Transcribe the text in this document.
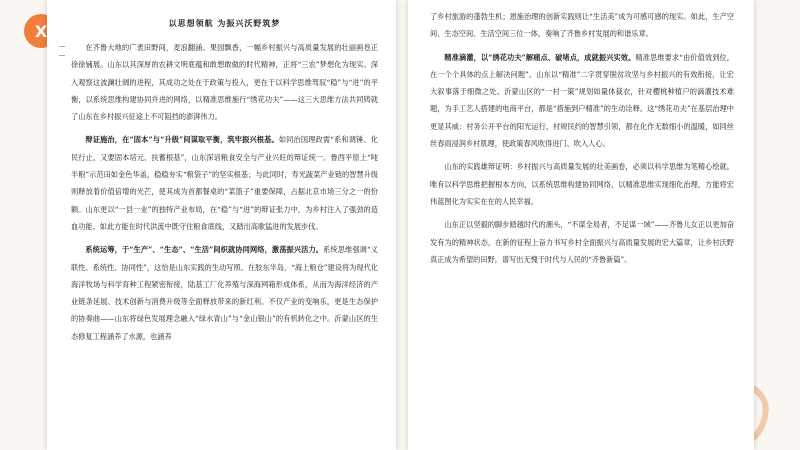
X	以思想领航 为振兴沃野筑梦

在齐鲁大地的广袤田野间，麦浪翻涌、果园飘香，一幅乡村振兴与高质量发展的壮丽画卷正徐徐铺展。山东以其深厚的农耕文明底蕴和敢想敢做的时代精神，正将“三农”梦想化为现实。深入观察这波澜壮阔的进程，其成功之处在于政策与投入，更在于以科学思维驾驭“稳”与“进”的平衡，以系统思维构建协同并进的网络，以精准思维施行“绣花功夫”——这三大思维方法共同铸就了山东在乡村振兴征途上不可阻挡的澎湃伟力。

辩证施治，在“固本”与“升级”间谋取平衡，筑牢振兴根基。如同治国理政需“系和调锤、化民行止，又要固本培元、扶蓄根基”，山东深谙粮食安全与产业兴旺的辩证统一。鲁西平原上“吨半粮”示范田如金色华盖，稳稳夯实“粮袋子”的坚实根基；与此同时，寿光蔬菜产业链的智慧升级则释放着价值倍增的光芒，使其成为首都餐桌的“菜篮子”重要保障，占据北京市场三分之一的份额。山东更以“一县一业”的独特产业布局，在“稳”与“进”的辩证张力中，为乡村注入了强劲的造血功能。如此方能在时代洪流中既守住粮食底线，又踏出高歌猛进的发展步伐。

系统运筹，于“生产”、“生态”、“生活”间织就协同网络，激荡振兴活力。系统思维强调“义联性、系统性、协同性”，这恰是山东实践的生动写照。在胶东半岛，“海上粮仓”建设将为现代化海洋牧场与科学育种工程紧密衔接，陆基工厂化养殖与深海网箱形成体系，从而为海洋经济的产业链条延展、技术创新与消费升级等全面释放带来的新红利。不仅产业的变响乐，更是生态保护的协奏曲——山东将绿色发展理念融入“绿水青山”与“金山银山”的有机转化之中。沂蒙山区的生态修复工程涵养了水源，也涵养

了乡村旅游的蓬勃生机；恩施治理的创新实践则让“生活美”成为可感可感的现实。如此，生产空间、生态空间、生活空间三位一体，奏响了齐鲁乡村发展的和谐乐章。

精准滴灌，以“绣花功夫”解痛点、破堵点，成就振兴实效。精准思维要求“由价值效到位，在一个个具体的点上解决问题”。山东以“精准”二字贯穿脱贫攻坚与乡村振兴的有效衔接，让宏大叙事落于细微之处。沂蒙山区的“一村一策”规划如量体裁衣，针对樱桃种植户的滴灌技术难题，为手工艺人搭建的电商平台，都是“措施到户精准”的生动诠释。这“绣花功夫”在基层治理中更显其威：村务公开平台的阳光运行，村规民约的智慧引领，都在化作无数细小的温暖，如同丝丝春雨浸润乡村肌理，使政策春风吹得进门、吹入人心。

山东的实践雄辩证明：乡村振兴与高质量发展的壮美画卷，必须以科学思维为笔精心绘就。唯有以科学思维把握根本方向，以系统思维构建协同网络，以精准思维实现细化治理，方能将宏伟蓝图化为实实在在的人民幸福。

山东正以坚毅的脚步踏越时代的潮头，“不谋全局者，不足谋一域”——齐鲁儿女正以更加奋发有为的精神状态，在新的征程上奋力书写乡村全面振兴与高质量发展的宏大篇章，让乡村沃野真正成为希望的田野，谱写出无愧于时代与人民的“齐鲁新篇”。
